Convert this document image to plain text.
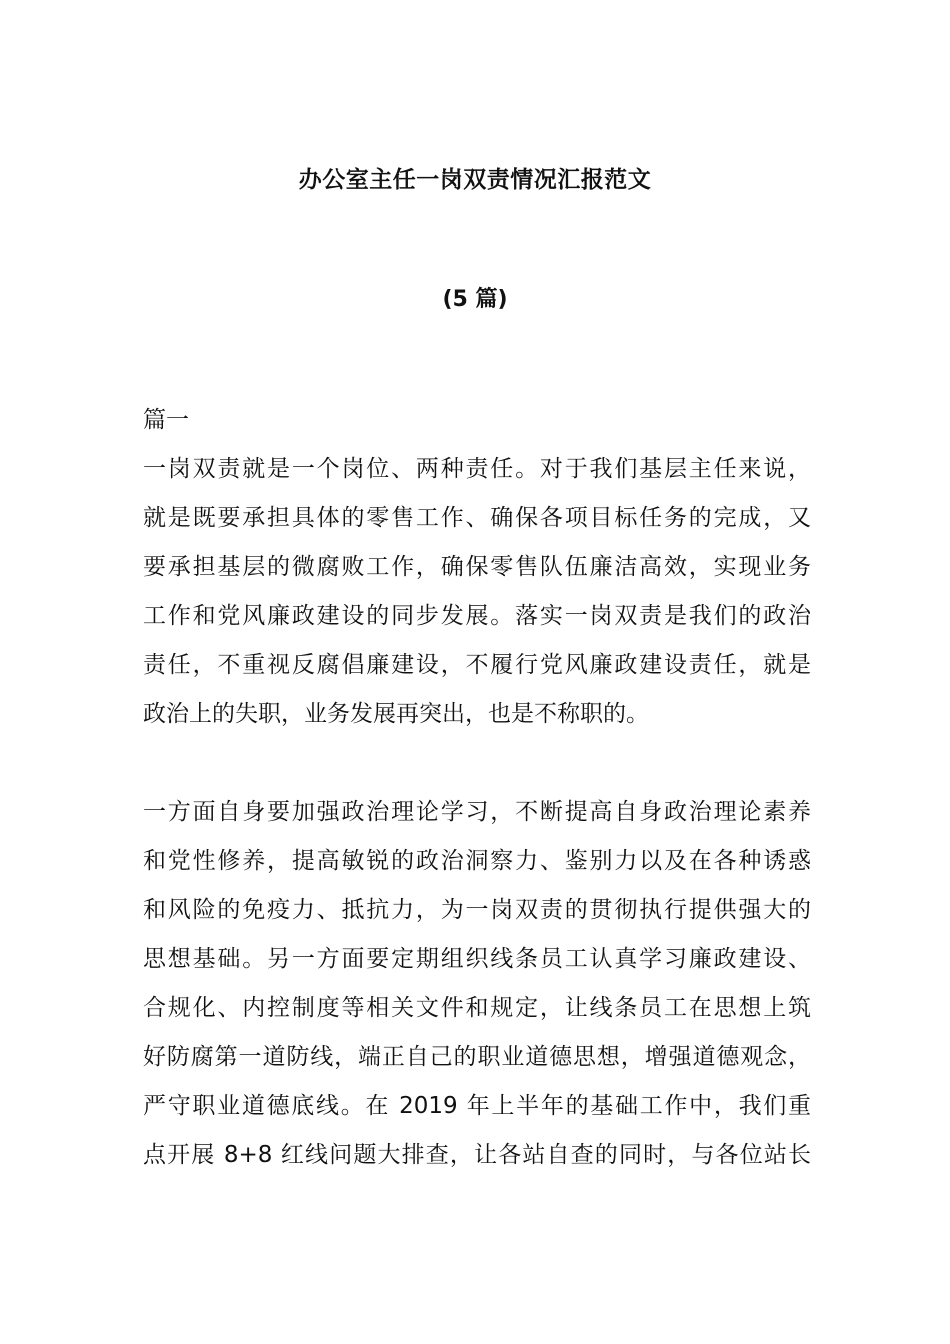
办公室主任一岗双责情况汇报范文
(5 篇)
篇一
一岗双责就是一个岗位、两种责任。对于我们基层主任来说，
就是既要承担具体的零售工作、确保各项目标任务的完成，又
要承担基层的微腐败工作，确保零售队伍廉洁高效，实现业务
工作和党风廉政建设的同步发展。落实一岗双责是我们的政治
责任，不重视反腐倡廉建设，不履行党风廉政建设责任，就是
政治上的失职，业务发展再突出，也是不称职的。
一方面自身要加强政治理论学习，不断提高自身政治理论素养
和党性修养，提高敏锐的政治洞察力、鉴别力以及在各种诱惑
和风险的免疫力、抵抗力，为一岗双责的贯彻执行提供强大的
思想基础。另一方面要定期组织线条员工认真学习廉政建设、
合规化、内控制度等相关文件和规定，让线条员工在思想上筑
好防腐第一道防线，端正自己的职业道德思想，增强道德观念，
严守职业道德底线。在 2019 年上半年的基础工作中，我们重
点开展 8+8 红线问题大排查，让各站自查的同时，与各位站长
